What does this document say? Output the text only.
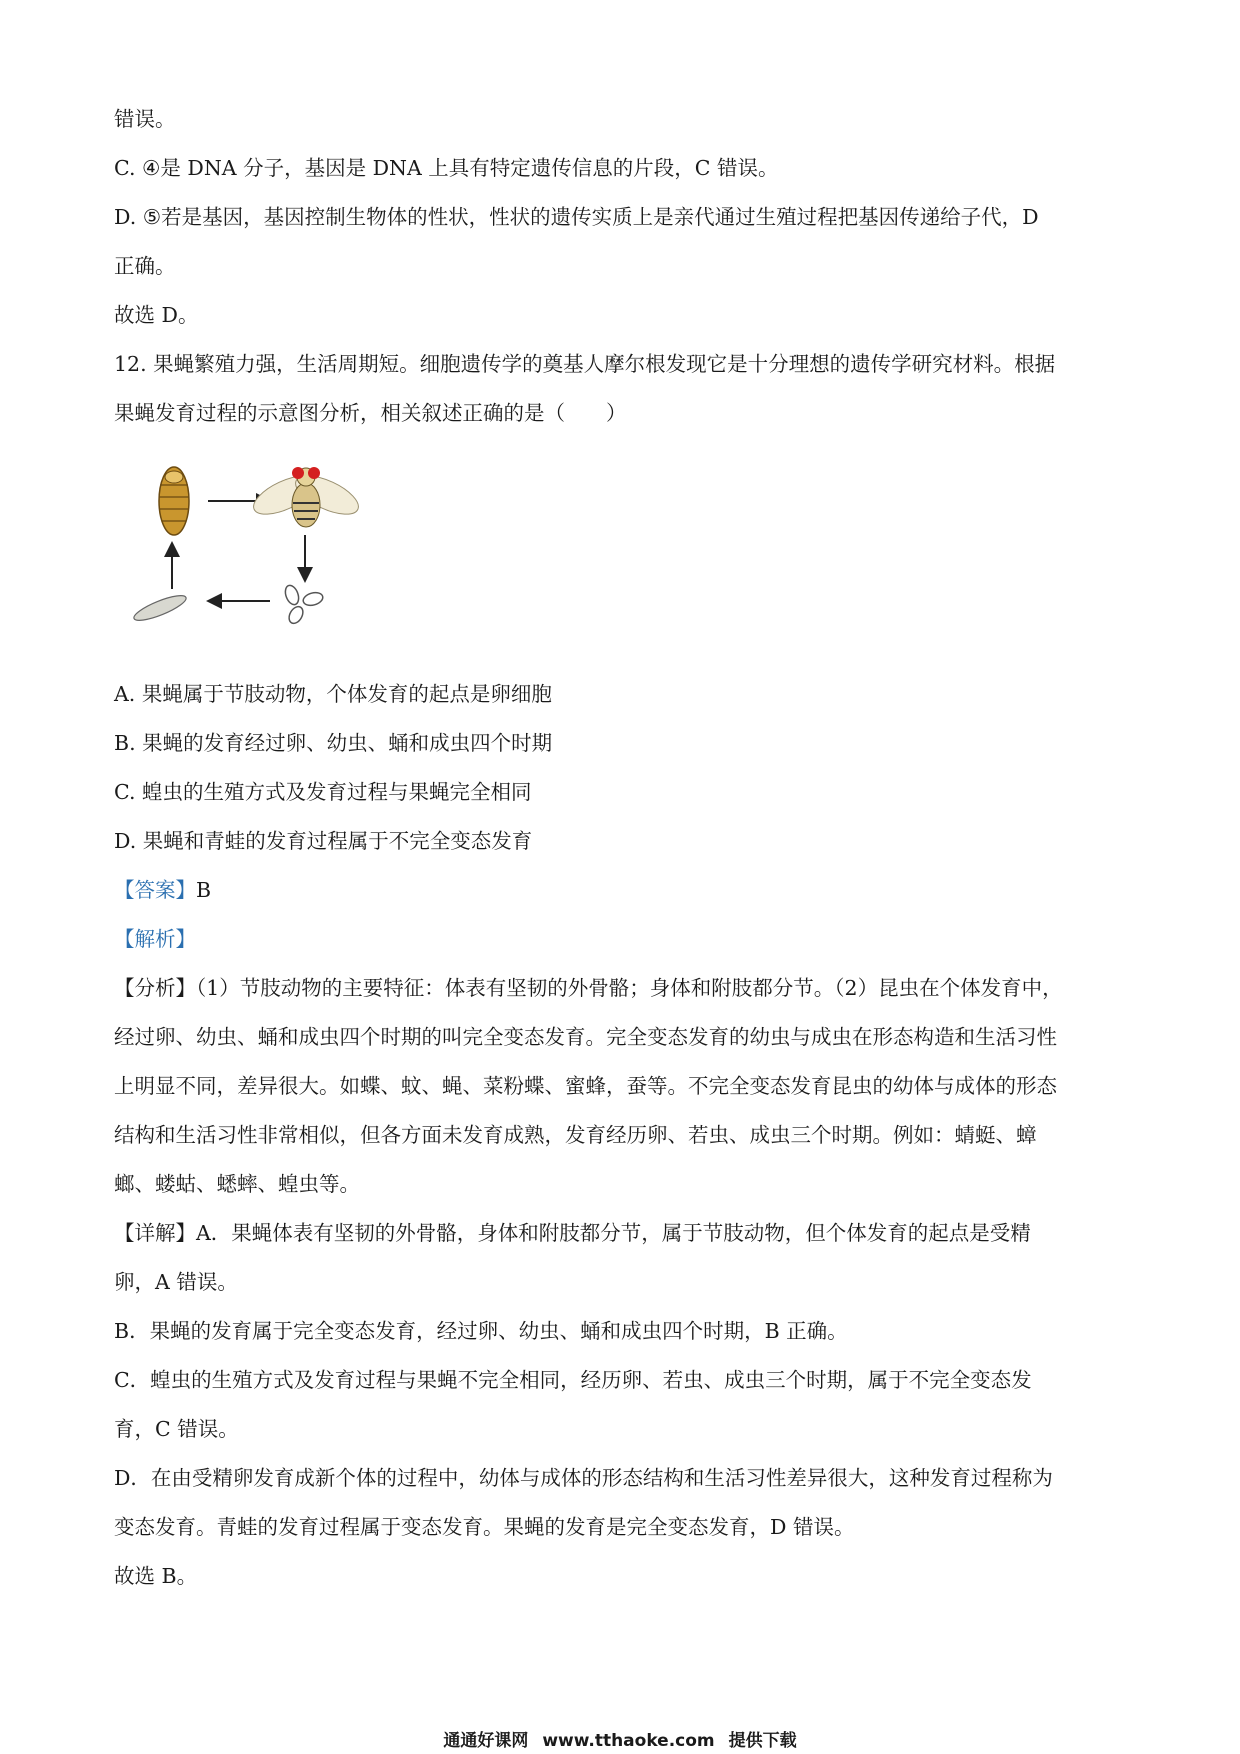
错误。
C. ④是 DNA 分子，基因是 DNA 上具有特定遗传信息的片段，C 错误。
D. ⑤若是基因，基因控制生物体的性状，性状的遗传实质上是亲代通过生殖过程把基因传递给子代，D
正确。
故选 D。
12. 果蝇繁殖力强，生活周期短。细胞遗传学的奠基人摩尔根发现它是十分理想的遗传学研究材料。根据
果蝇发育过程的示意图分析，相关叙述正确的是（　　）
A. 果蝇属于节肢动物，个体发育的起点是卵细胞
B. 果蝇的发育经过卵、幼虫、蛹和成虫四个时期
C. 蝗虫的生殖方式及发育过程与果蝇完全相同
D. 果蝇和青蛙的发育过程属于不完全变态发育
【答案】B
【解析】
【分析】（1）节肢动物的主要特征：体表有坚韧的外骨骼；身体和附肢都分节。（2）昆虫在个体发育中，
经过卵、幼虫、蛹和成虫四个时期的叫完全变态发育。完全变态发育的幼虫与成虫在形态构造和生活习性
上明显不同，差异很大。如蝶、蚊、蝇、菜粉蝶、蜜蜂，蚕等。不完全变态发育昆虫的幼体与成体的形态
结构和生活习性非常相似，但各方面未发育成熟，发育经历卵、若虫、成虫三个时期。例如：蜻蜓、蟑
螂、蝼蛄、蟋蟀、蝗虫等。
【详解】A．果蝇体表有坚韧的外骨骼，身体和附肢都分节，属于节肢动物，但个体发育的起点是受精
卵，A 错误。
B．果蝇的发育属于完全变态发育，经过卵、幼虫、蛹和成虫四个时期，B 正确。
C．蝗虫的生殖方式及发育过程与果蝇不完全相同，经历卵、若虫、成虫三个时期，属于不完全变态发
育，C 错误。
D．在由受精卵发育成新个体的过程中，幼体与成体的形态结构和生活习性差异很大，这种发育过程称为
变态发育。青蛙的发育过程属于变态发育。果蝇的发育是完全变态发育，D 错误。
故选 B。
通通好课网 www.tthaoke.com 提供下载
